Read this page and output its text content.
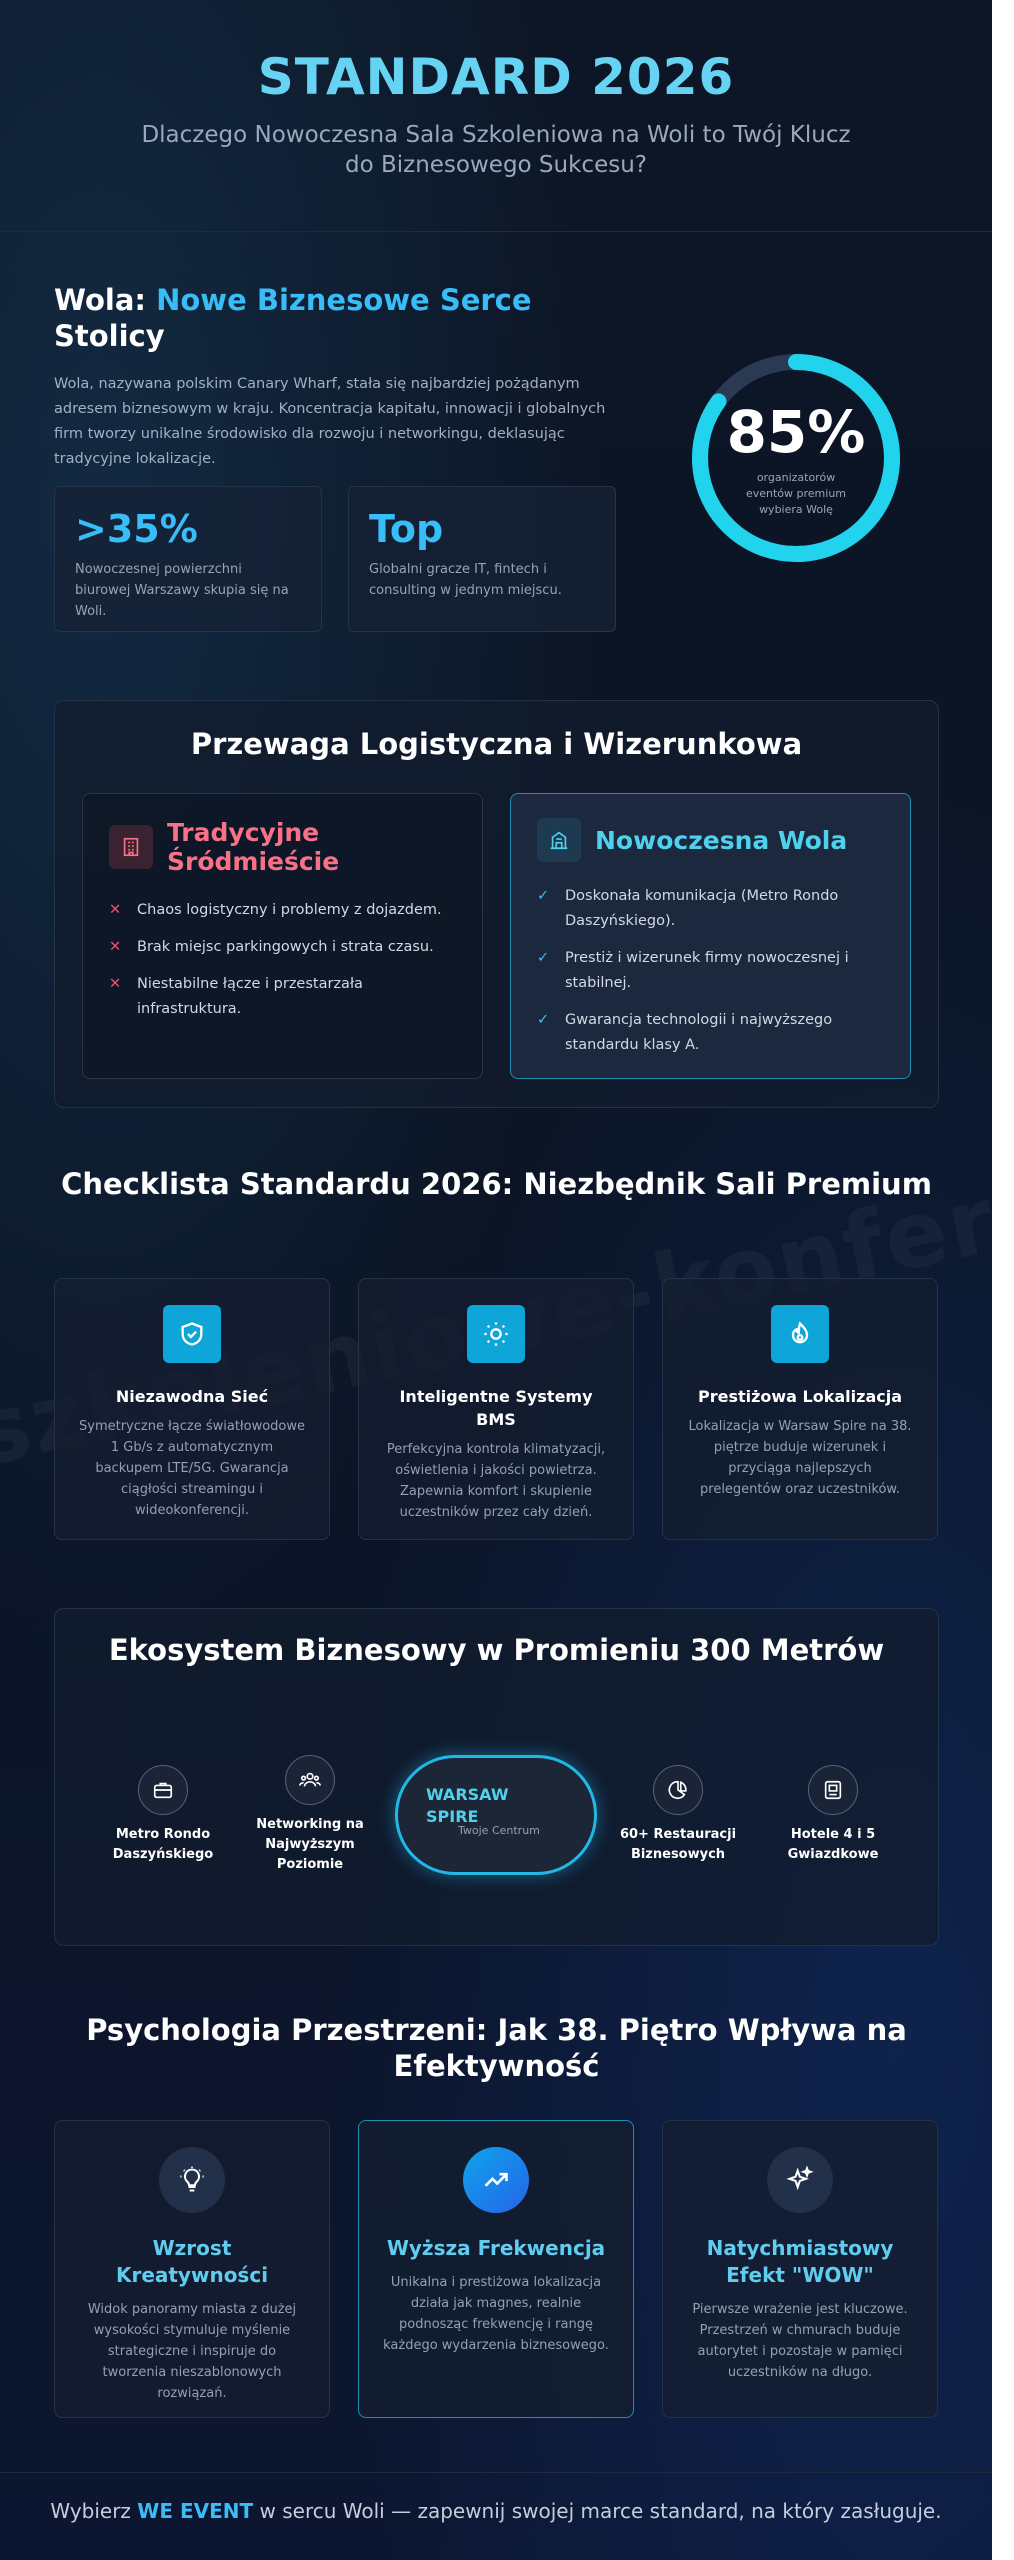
STANDARD 2026
Dlaczego Nowoczesna Sala Szkoleniowa na Woli to Twój Klucz do Biznesowego Sukcesu?
Wola: Nowe Biznesowe Serce
Stolicy

Wola, nazywana polskim Canary Wharf, stała się najbardziej pożądanym adresem biznesowym w kraju. Koncentracja kapitału, innowacji i globalnych firm tworzy unikalne środowisko dla rozwoju i networkingu, deklasując tradycyjne lokalizacje.

>35%
Nowoczesnej powierzchni biurowej Warszawy skupia się na Woli.
Top
Globalni gracze IT, fintech i consulting w jednym miejscu.
85%
organizatorów eventów premium wybiera Wolę
Przewaga Logistyczna i Wizerunkowa
Tradycyjne Śródmieście
✕ Chaos logistyczny i problemy z dojazdem.
✕ Brak miejsc parkingowych i strata czasu.
✕ Niestabilne łącze i przestarzała infrastruktura.
Nowoczesna Wola
✓ Doskonała komunikacja (Metro Rondo Daszyńskiego).
✓ Prestiż i wizerunek firmy nowoczesnej i stabilnej.
✓ Gwarancja technologii i najwyższego standardu klasy A.
Checklista Standardu 2026: Niezbędnik Sali Premium
Niezawodna Sieć
Symetryczne łącze światłowodowe 1 Gb/s z automatycznym backupem LTE/5G. Gwarancja ciągłości streamingu i wideokonferencji.
Inteligentne Systemy BMS
Perfekcyjna kontrola klimatyzacji, oświetlenia i jakości powietrza. Zapewnia komfort i skupienie uczestników przez cały dzień.
Prestiżowa Lokalizacja
Lokalizacja w Warsaw Spire na 38. piętrze buduje wizerunek i przyciąga najlepszych prelegentów oraz uczestników.
Ekosystem Biznesowy w Promieniu 300 Metrów
Metro Rondo Daszyńskiego
Networking na Najwyższym Poziomie
WARSAW SPIRE
Twoje Centrum	60+ Restauracji Biznesowych
Hotele 4 i 5 Gwiazdkowe
Psychologia Przestrzeni: Jak 38. Piętro Wpływa na Efektywność
Wzrost Kreatywności
Widok panoramy miasta z dużej wysokości stymuluje myślenie strategiczne i inspiruje do tworzenia nieszablonowych rozwiązań.
Wyższa Frekwencja
Unikalna i prestiżowa lokalizacja działa jak magnes, realnie podnosząc frekwencję i rangę każdego wydarzenia biznesowego.
Natychmiastowy Efekt "WOW"
Pierwsze wrażenie jest kluczowe. Przestrzeń w chmurach buduje autorytet i pozostaje w pamięci uczestników na długo.
Wybierz WE EVENT w sercu Woli — zapewnij swojej marce standard, na który zasługuje.
